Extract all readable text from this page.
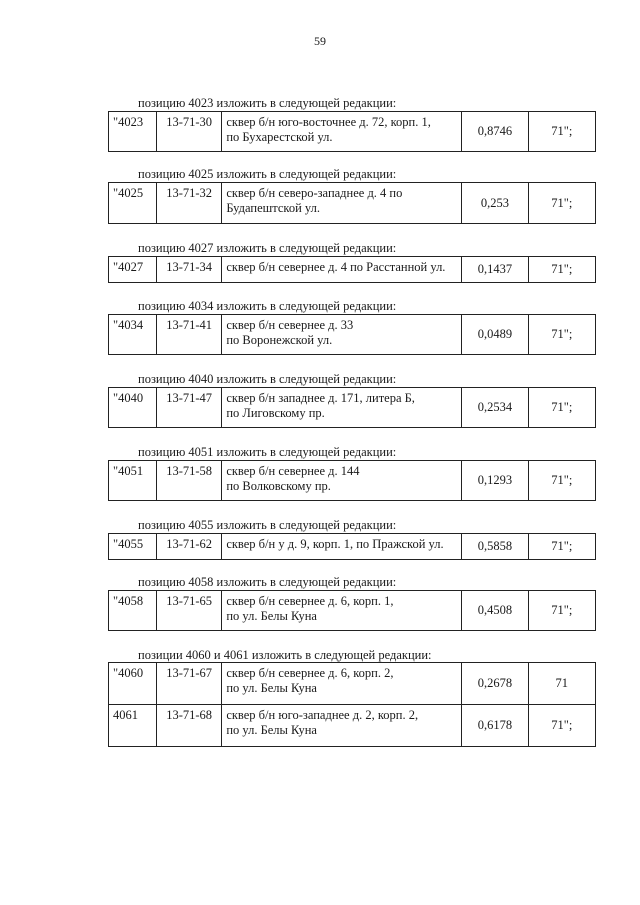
59
позицию 4023 изложить в следующей редакции:
"4023	13-71-30	сквер б/н юго-восточнее д. 72, корп. 1,
по Бухарестской ул.	0,8746	71";
позицию 4025 изложить в следующей редакции:
"4025	13-71-32	сквер б/н северо-западнее д. 4 по
Будапештской ул.	0,253	71";
позицию 4027 изложить в следующей редакции:
"4027	13-71-34	сквер б/н севернее д. 4 по Расстанной ул.	0,1437	71";
позицию 4034 изложить в следующей редакции:
"4034	13-71-41	сквер б/н севернее д. 33
по Воронежской ул.	0,0489	71";
позицию 4040 изложить в следующей редакции:
"4040	13-71-47	сквер б/н западнее д. 171, литера Б,
по Лиговскому пр.	0,2534	71";
позицию 4051 изложить в следующей редакции:
"4051	13-71-58	сквер б/н севернее д. 144
по Волковскому пр.	0,1293	71";
позицию 4055 изложить в следующей редакции:
"4055	13-71-62	сквер б/н у д. 9, корп. 1, по Пражской ул.	0,5858	71";
позицию 4058 изложить в следующей редакции:
"4058	13-71-65	сквер б/н севернее д. 6, корп. 1,
по ул. Белы Куна	0,4508	71";
позиции 4060 и 4061 изложить в следующей редакции:
"4060	13-71-67	сквер б/н севернее д. 6, корп. 2,
по ул. Белы Куна	0,2678	71
4061	13-71-68	сквер б/н юго-западнее д. 2, корп. 2,
по ул. Белы Куна	0,6178	71";
